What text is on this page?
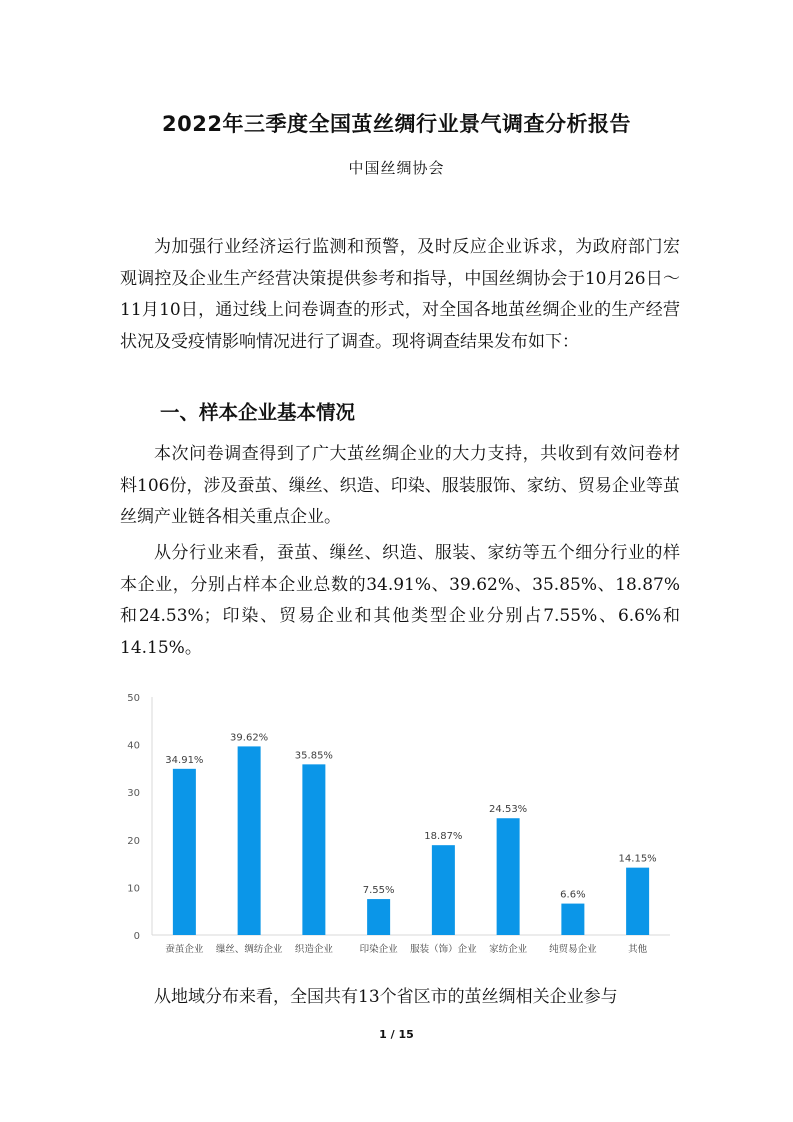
2022年三季度全国茧丝绸行业景气调查分析报告
中国丝绸协会

为加强行业经济运行监测和预警，及时反应企业诉求，为政府部门宏观调控及企业生产经营决策提供参考和指导，中国丝绸协会于10月26日～11月10日，通过线上问卷调查的形式，对全国各地茧丝绸企业的生产经营状况及受疫情影响情况进行了调查。现将调查结果发布如下：

一、样本企业基本情况

本次问卷调查得到了广大茧丝绸企业的大力支持，共收到有效问卷材料106份，涉及蚕茧、缫丝、织造、印染、服装服饰、家纺、贸易企业等茧丝绸产业链各相关重点企业。

从分行业来看，蚕茧、缫丝、织造、服装、家纺等五个细分行业的样本企业，分别占样本企业总数的34.91%、39.62%、35.85%、18.87%和24.53%；印染、贸易企业和其他类型企业分别占7.55%、6.6%和14.15%。

0
10
20
30
40
50
34.91%
蚕茧企业
39.62%
缫丝、绸纺企业
35.85%
织造企业
7.55%
印染企业
18.87%
服装（饰）企业
24.53%
家纺企业
6.6%
纯贸易企业
14.15%
其他

从地域分布来看，全国共有13个省区市的茧丝绸相关企业参与

1 / 15
